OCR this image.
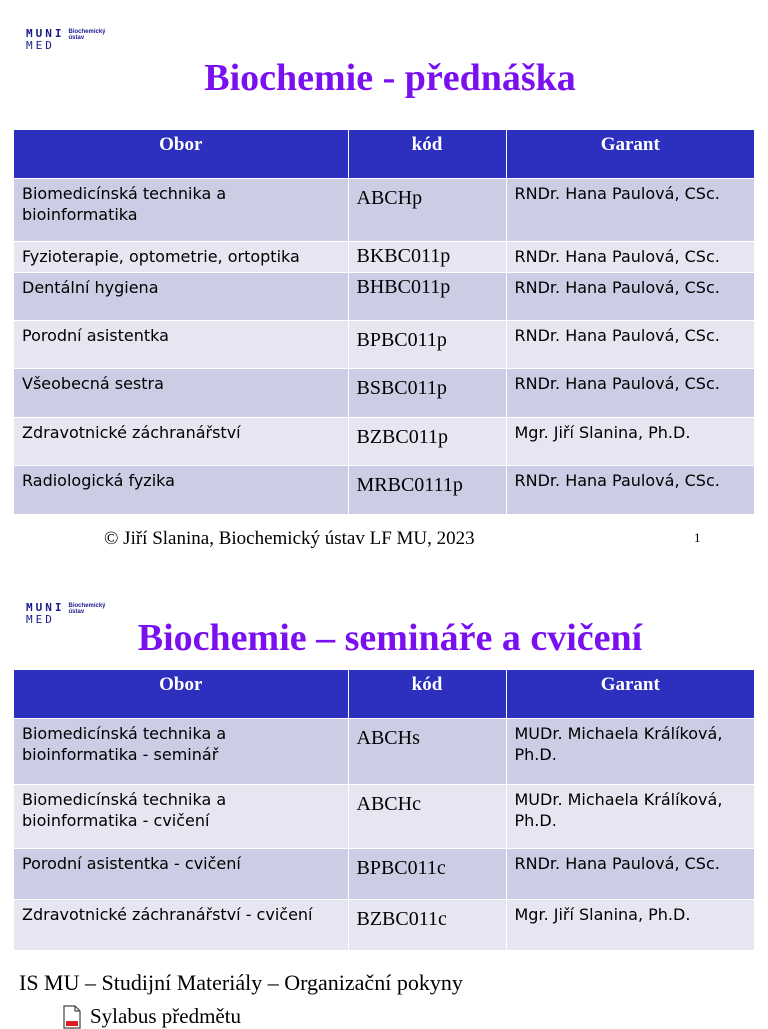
MUNI
MED
Biochemický
ústav
Biochemie - přednáška
Obor	kód	Garant
Biomedicínská technika a bioinformatika	ABCHp	RNDr. Hana Paulová, CSc.
Fyzioterapie, optometrie, ortoptika	BKBC011p	RNDr. Hana Paulová, CSc.
Dentální hygiena	BHBC011p	RNDr. Hana Paulová, CSc.
Porodní asistentka	BPBC011p	RNDr. Hana Paulová, CSc.
Všeobecná sestra	BSBC011p	RNDr. Hana Paulová, CSc.
Zdravotnické záchranářství	BZBC011p	Mgr. Jiří Slanina, Ph.D.
Radiologická fyzika	MRBC0111p	RNDr. Hana Paulová, CSc.
© Jiří Slanina, Biochemický ústav LF MU, 2023	1
MUNI
MED
Biochemický
ústav
Biochemie – semináře a cvičení
Obor	kód	Garant
Biomedicínská technika a bioinformatika - seminář	ABCHs	MUDr. Michaela Králíková, Ph.D.
Biomedicínská technika a bioinformatika - cvičení	ABCHc	MUDr. Michaela Králíková, Ph.D.
Porodní asistentka - cvičení	BPBC011c	RNDr. Hana Paulová, CSc.
Zdravotnické záchranářství - cvičení	BZBC011c	Mgr. Jiří Slanina, Ph.D.
IS MU – Studijní Materiály – Organizační pokyny
Sylabus předmětu
